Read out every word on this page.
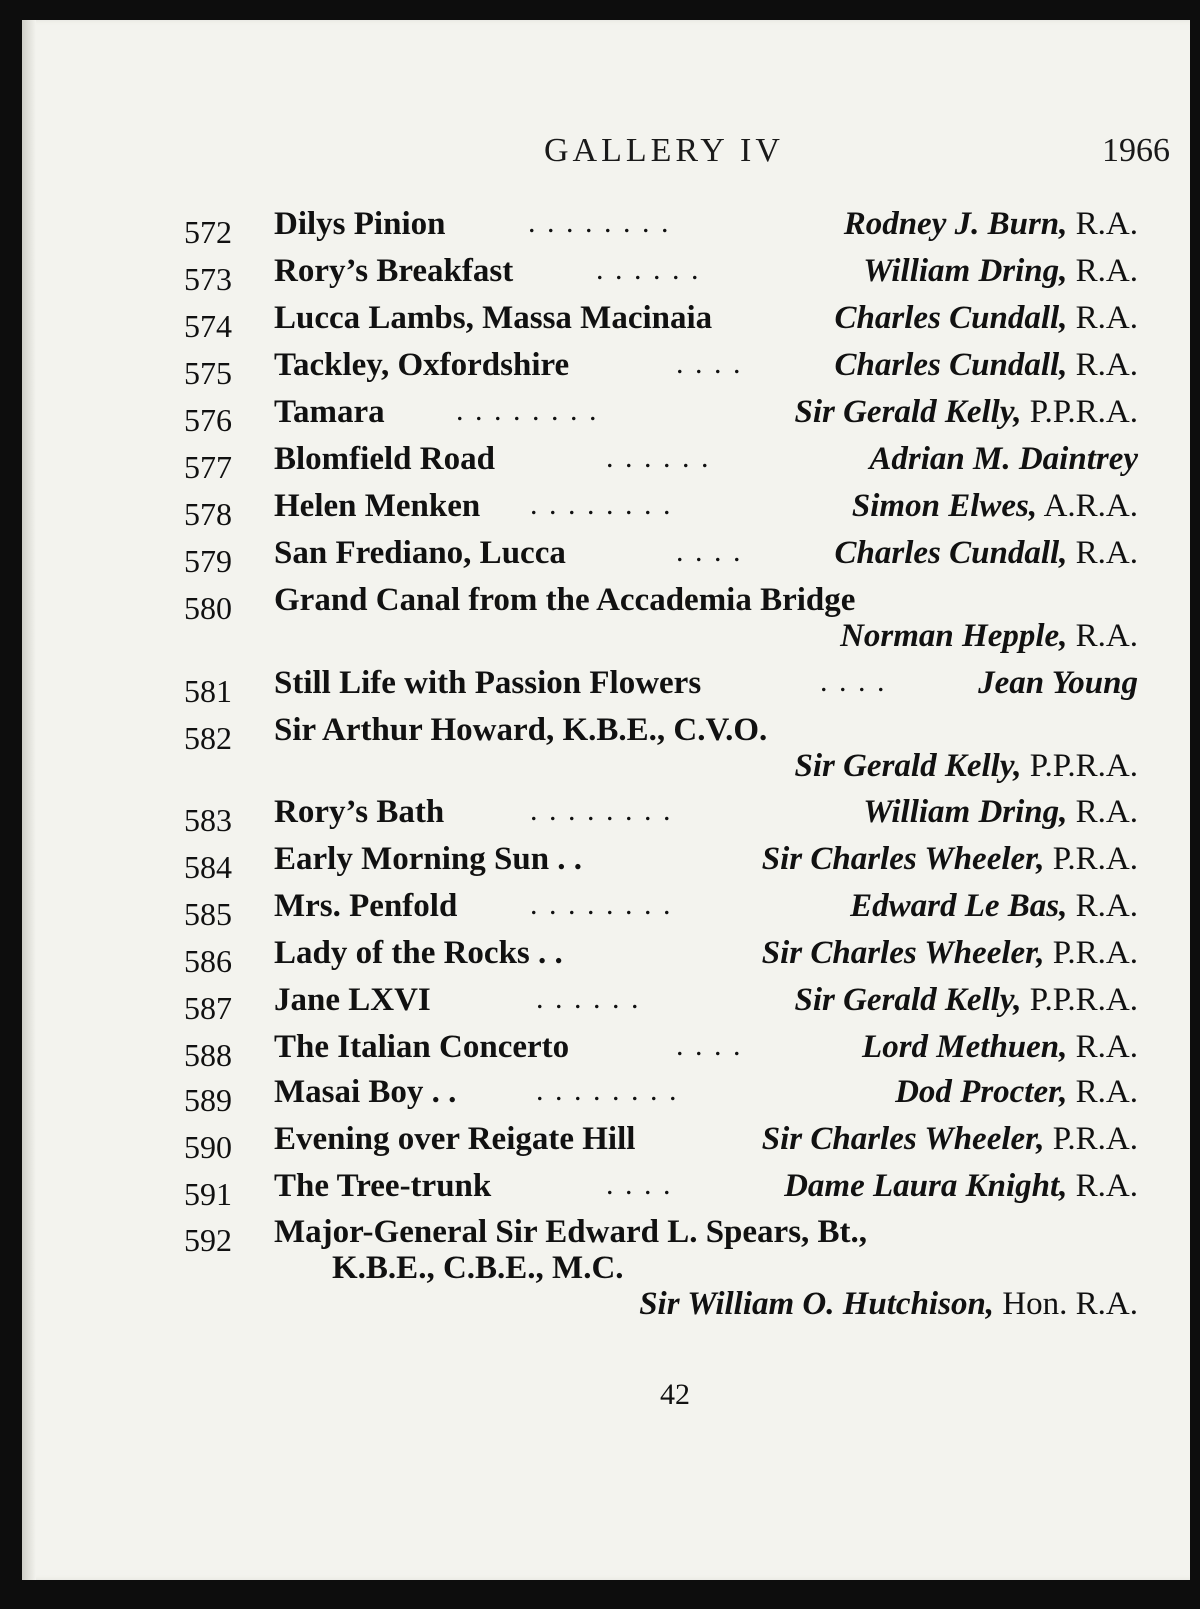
GALLERY IV	1966
572 Dilys Pinion	. . . . . . . .	Rodney J. Burn, R.A.
573 Rory’s Breakfast	. . . . . .	William Dring, R.A.
574 Lucca Lambs, Massa Macinaia	Charles Cundall, R.A.
575 Tackley, Oxfordshire	. . . .	Charles Cundall, R.A.
576 Tamara . . . . . . . .	Sir Gerald Kelly, P.P.R.A.
577 Blomfield Road	. . . . . .	Adrian M. Daintrey
578 Helen Menken . . . . . . . .	Simon Elwes, A.R.A.
579 San Frediano, Lucca	. . . .	Charles Cundall, R.A.
580 Grand Canal from the Accademia Bridge
Norman Hepple, R.A.
581 Still Life with Passion Flowers	. . . .	Jean Young
582 Sir Arthur Howard, K.B.E., C.V.O.
Sir Gerald Kelly, P.P.R.A.
583 Rory’s Bath	. . . . . . . .	William Dring, R.A.
584 Early Morning Sun . .	Sir Charles Wheeler, P.R.A.
585 Mrs. Penfold . . . . . . . .	Edward Le Bas, R.A.
586 Lady of the Rocks . .	Sir Charles Wheeler, P.R.A.
587 Jane LXVI	. . . . . .	Sir Gerald Kelly, P.P.R.A.
588 The Italian Concerto	. . . .	Lord Methuen, R.A.
589 Masai Boy . .	. . . . . . . .	Dod Procter, R.A.
590 Evening over Reigate Hill	Sir Charles Wheeler, P.R.A.
591 The Tree-trunk	. . . .	Dame Laura Knight, R.A.
592 Major-General Sir Edward L. Spears, Bt.,
K.B.E., C.B.E., M.C.
Sir William O. Hutchison, Hon. R.A.
42
